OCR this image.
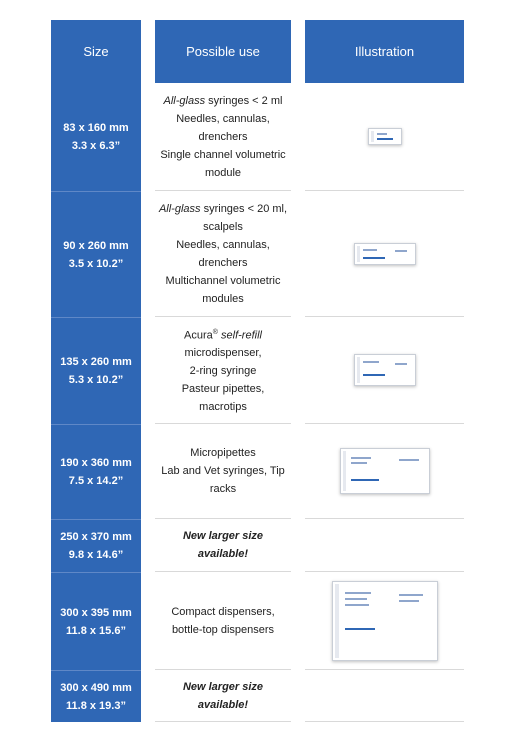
Size	Possible use	Illustration
83 x 160 mm
3.3 x 6.3”
All-glass syringes < 2 ml
Needles, cannulas,
drenchers
Single channel volumetric
module
90 x 260 mm
3.5 x 10.2”
All-glass syringes < 20 ml,
scalpels
Needles, cannulas,
drenchers
Multichannel volumetric
modules
135 x 260 mm
5.3 x 10.2”
Acura® self-refill
microdispenser,
2-ring syringe
Pasteur pipettes,
macrotips
190 x 360 mm
7.5 x 14.2”
Micropipettes
Lab and Vet syringes, Tip
racks
250 x 370 mm
9.8 x 14.6”
New larger size
available!
300 x 395 mm
11.8 x 15.6”
Compact dispensers,
bottle-top dispensers
300 x 490 mm
11.8 x 19.3”
New larger size
available!
